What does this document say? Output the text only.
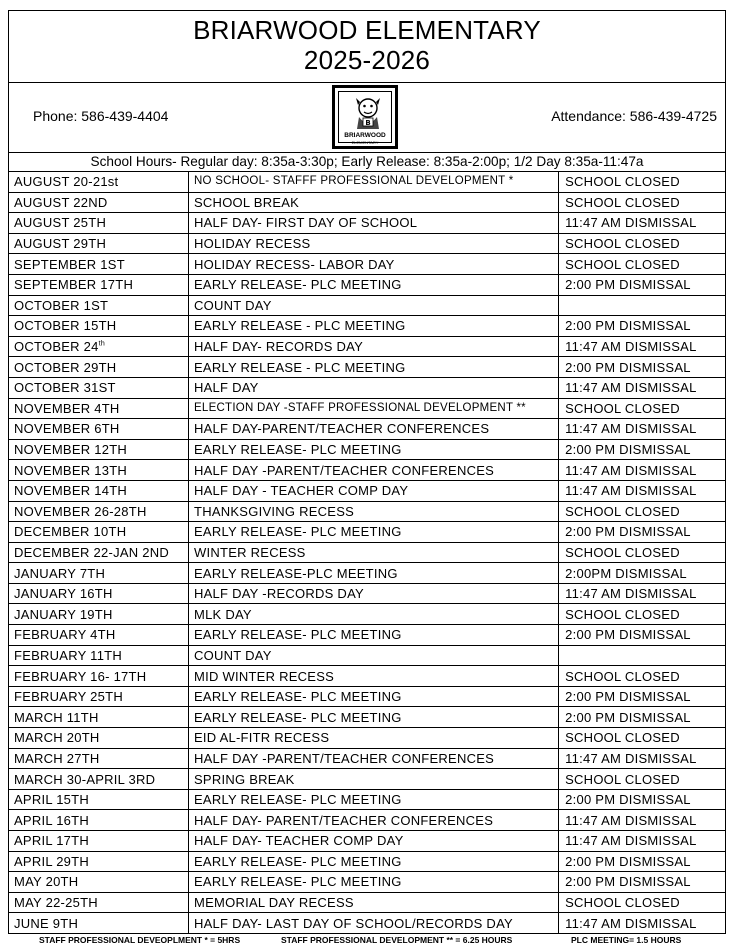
BRIARWOOD ELEMENTARY
2025-2026
Phone: 586-439-4404	B
BRIARWOOD
ELEMENTARY
Attendance: 586-439-4725
School Hours- Regular day: 8:35a-3:30p; Early Release: 8:35a-2:00p; 1/2 Day 8:35a-11:47a
AUGUST 20-21st	NO SCHOOL- STAFFF PROFESSIONAL DEVELOPMENT *	SCHOOL CLOSED
AUGUST 22ND	SCHOOL BREAK	SCHOOL CLOSED
AUGUST 25TH	HALF DAY- FIRST DAY OF SCHOOL	11:47 AM DISMISSAL
AUGUST 29TH	HOLIDAY RECESS	SCHOOL CLOSED
SEPTEMBER 1ST	HOLIDAY RECESS- LABOR DAY	SCHOOL CLOSED
SEPTEMBER 17TH	EARLY RELEASE- PLC MEETING	2:00 PM DISMISSAL
OCTOBER 1ST	COUNT DAY	
OCTOBER 15TH	EARLY RELEASE - PLC MEETING	2:00 PM DISMISSAL
OCTOBER 24th	HALF DAY- RECORDS DAY	11:47 AM DISMISSAL
OCTOBER 29TH	EARLY RELEASE - PLC MEETING	2:00 PM DISMISSAL
OCTOBER 31ST	HALF DAY	11:47 AM DISMISSAL
NOVEMBER 4TH	ELECTION DAY -STAFF PROFESSIONAL DEVELOPMENT **	SCHOOL CLOSED
NOVEMBER 6TH	HALF DAY-PARENT/TEACHER CONFERENCES	11:47 AM DISMISSAL
NOVEMBER 12TH	EARLY RELEASE- PLC MEETING	2:00 PM DISMISSAL
NOVEMBER 13TH	HALF DAY -PARENT/TEACHER CONFERENCES	11:47 AM DISMISSAL
NOVEMBER 14TH	HALF DAY - TEACHER COMP DAY	11:47 AM DISMISSAL
NOVEMBER 26-28TH	THANKSGIVING RECESS	SCHOOL CLOSED
DECEMBER 10TH	EARLY RELEASE- PLC MEETING	2:00 PM DISMISSAL
DECEMBER 22-JAN 2ND	WINTER RECESS	SCHOOL CLOSED
JANUARY 7TH	EARLY RELEASE-PLC MEETING	2:00PM DISMISSAL
JANUARY 16TH	HALF DAY -RECORDS DAY	11:47 AM DISMISSAL
JANUARY 19TH	MLK DAY	SCHOOL CLOSED
FEBRUARY 4TH	EARLY RELEASE- PLC MEETING	2:00 PM DISMISSAL
FEBRUARY 11TH	COUNT DAY	
FEBRUARY 16- 17TH	MID WINTER RECESS	SCHOOL CLOSED
FEBRUARY 25TH	EARLY RELEASE- PLC MEETING	2:00 PM DISMISSAL
MARCH 11TH	EARLY RELEASE- PLC MEETING	2:00 PM DISMISSAL
MARCH 20TH	EID AL-FITR RECESS	SCHOOL CLOSED
MARCH 27TH	HALF DAY -PARENT/TEACHER CONFERENCES	11:47 AM DISMISSAL
MARCH 30-APRIL 3RD	SPRING BREAK	SCHOOL CLOSED
APRIL 15TH	EARLY RELEASE- PLC MEETING	2:00 PM DISMISSAL
APRIL 16TH	HALF DAY- PARENT/TEACHER CONFERENCES	11:47 AM DISMISSAL
APRIL 17TH	HALF DAY- TEACHER COMP DAY	11:47 AM DISMISSAL
APRIL 29TH	EARLY RELEASE- PLC MEETING	2:00 PM DISMISSAL
MAY 20TH	EARLY RELEASE- PLC MEETING	2:00 PM DISMISSAL
MAY 22-25TH	MEMORIAL DAY RECESS	SCHOOL CLOSED
JUNE 9TH	HALF DAY- LAST DAY OF SCHOOL/RECORDS DAY	11:47 AM DISMISSAL
STAFF PROFESSIONAL DEVEOPLMENT * = 5HRS	STAFF PROFESSIONAL DEVELOPMENT ** = 6.25 HOURS	PLC MEETING= 1.5 HOURS
